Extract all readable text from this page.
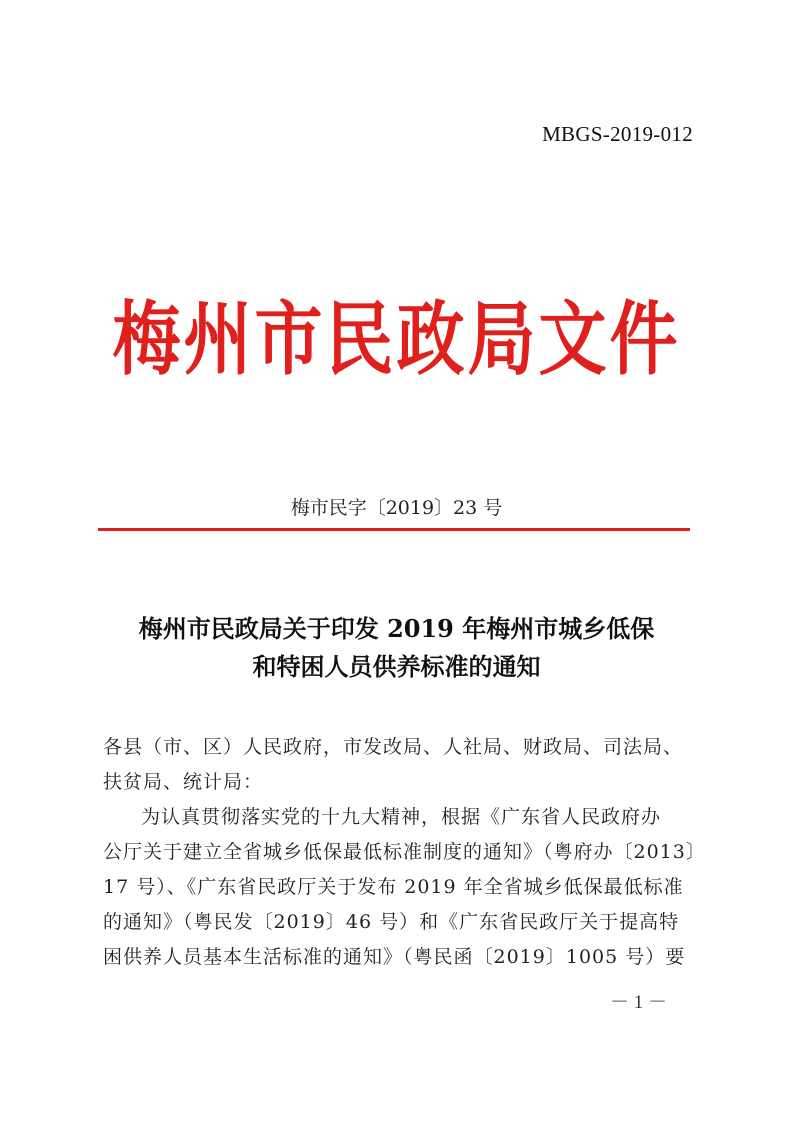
MBGS-2019-012
梅州市民政局文件
梅市民字〔2019〕23 号
梅州市民政局关于印发 2019 年梅州市城乡低保
和特困人员供养标准的通知
各县（市、区）人民政府，市发改局、人社局、财政局、司法局、
扶贫局、统计局：
为认真贯彻落实党的十九大精神，根据《广东省人民政府办
公厅关于建立全省城乡低保最低标准制度的通知》（粤府办〔2013〕
17 号）、《广东省民政厅关于发布 2019 年全省城乡低保最低标准
的通知》（粤民发〔2019〕46 号）和《广东省民政厅关于提高特
困供养人员基本生活标准的通知》（粤民函〔2019〕1005 号）要
－ 1 －
